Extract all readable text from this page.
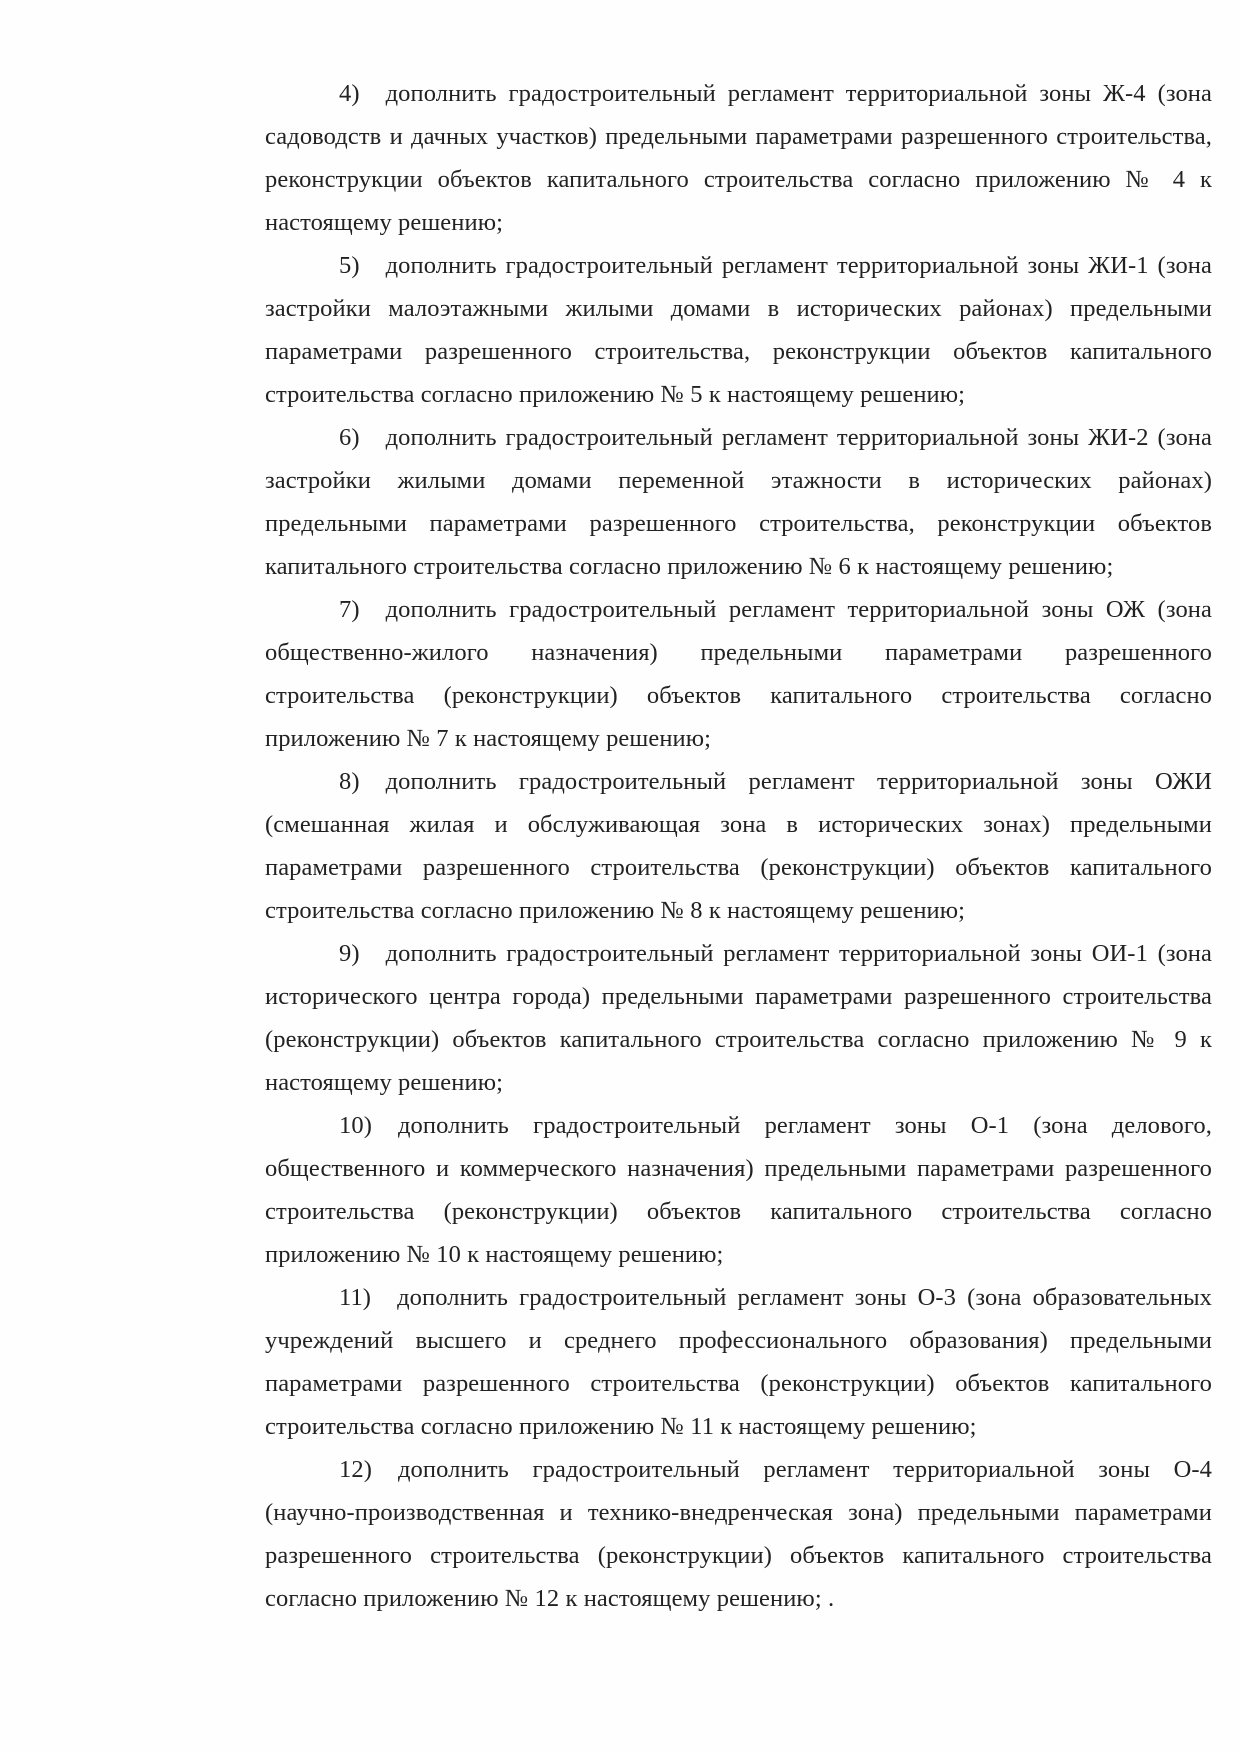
4) дополнить градостроительный регламент территориальной зоны Ж-4 (зона садоводств и дачных участков) предельными параметрами разрешенного строительства, реконструкции объектов капитального строительства согласно приложению № 4 к настоящему решению;

5) дополнить градостроительный регламент территориальной зоны ЖИ-1 (зона застройки малоэтажными жилыми домами в исторических районах) предельными параметрами разрешенного строительства, реконструкции объектов капитального строительства согласно приложению № 5 к настоящему решению;

6) дополнить градостроительный регламент территориальной зоны ЖИ-2 (зона застройки жилыми домами переменной этажности в исторических районах) предельными параметрами разрешенного строительства, реконструкции объектов капитального строительства согласно приложению № 6 к настоящему решению;

7) дополнить градостроительный регламент территориальной зоны ОЖ (зона общественно-жилого назначения) предельными параметрами разрешенного строительства (реконструкции) объектов капитального строительства согласно приложению № 7 к настоящему решению;

8) дополнить градостроительный регламент территориальной зоны ОЖИ (смешанная жилая и обслуживающая зона в исторических зонах) предельными параметрами разрешенного строительства (реконструкции) объектов капитального строительства согласно приложению № 8 к настоящему решению;

9) дополнить градостроительный регламент территориальной зоны ОИ-1 (зона исторического центра города) предельными параметрами разрешенного строительства (реконструкции) объектов капитального строительства согласно приложению № 9 к настоящему решению;

10) дополнить градостроительный регламент зоны О-1 (зона делового, общественного и коммерческого назначения) предельными параметрами разрешенного строительства (реконструкции) объектов капитального строительства согласно приложению № 10 к настоящему решению;

11) дополнить градостроительный регламент зоны О-3 (зона образовательных учреждений высшего и среднего профессионального образования) предельными параметрами разрешенного строительства (реконструкции) объектов капитального строительства согласно приложению № 11 к настоящему решению;

12) дополнить градостроительный регламент территориальной зоны О-4 (научно-производственная и технико-внедренческая зона) предельными параметрами разрешенного строительства (реконструкции) объектов капитального строительства согласно приложению № 12 к настоящему решению; .
